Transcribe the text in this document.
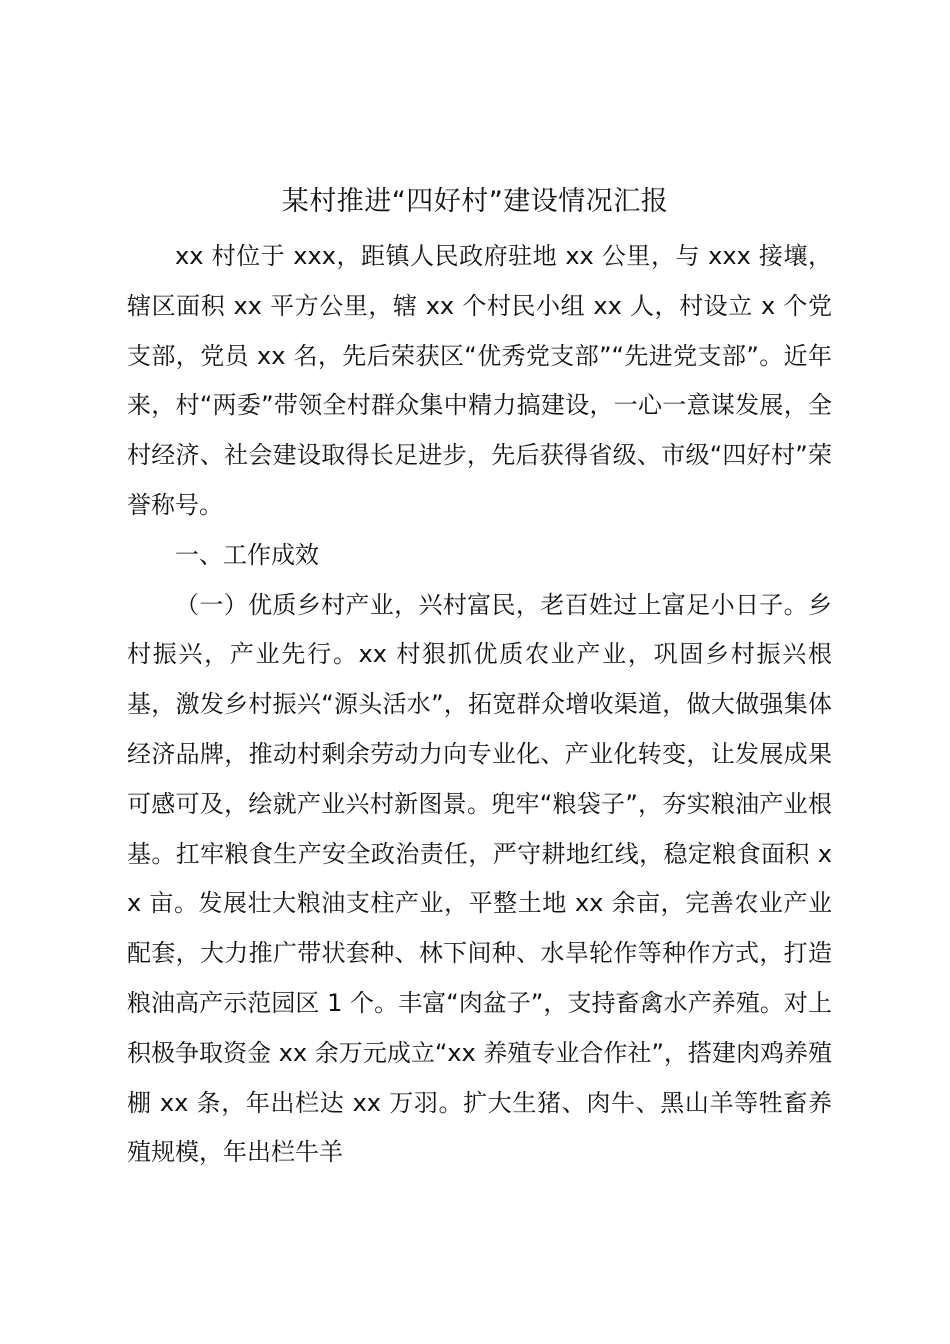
某村推进“四好村”建设情况汇报

xx 村位于 xxx，距镇人民政府驻地 xx 公里，与 xxx 接壤，辖区面积 xx 平方公里，辖 xx 个村民小组 xx 人，村设立 x 个党支部，党员 xx 名，先后荣获区“优秀党支部”“先进党支部”。近年来，村“两委”带领全村群众集中精力搞建设，一心一意谋发展，全村经济、社会建设取得长足进步，先后获得省级、市级“四好村”荣誉称号。

一、工作成效

（一）优质乡村产业，兴村富民，老百姓过上富足小日子。乡村振兴，产业先行。xx 村狠抓优质农业产业，巩固乡村振兴根基，激发乡村振兴“源头活水”，拓宽群众增收渠道，做大做强集体经济品牌，推动村剩余劳动力向专业化、产业化转变，让发展成果可感可及，绘就产业兴村新图景。兜牢“粮袋子”，夯实粮油产业根基。扛牢粮食生产安全政治责任，严守耕地红线，稳定粮食面积 xx 亩。发展壮大粮油支柱产业，平整土地 xx 余亩，完善农业产业配套，大力推广带状套种、林下间种、水旱轮作等种作方式，打造粮油高产示范园区 1 个。丰富“肉盆子”，支持畜禽水产养殖。对上积极争取资金 xx 余万元成立“xx 养殖专业合作社”，搭建肉鸡养殖棚 xx 条，年出栏达 xx 万羽。扩大生猪、肉牛、黑山羊等牲畜养殖规模，年出栏牛羊
